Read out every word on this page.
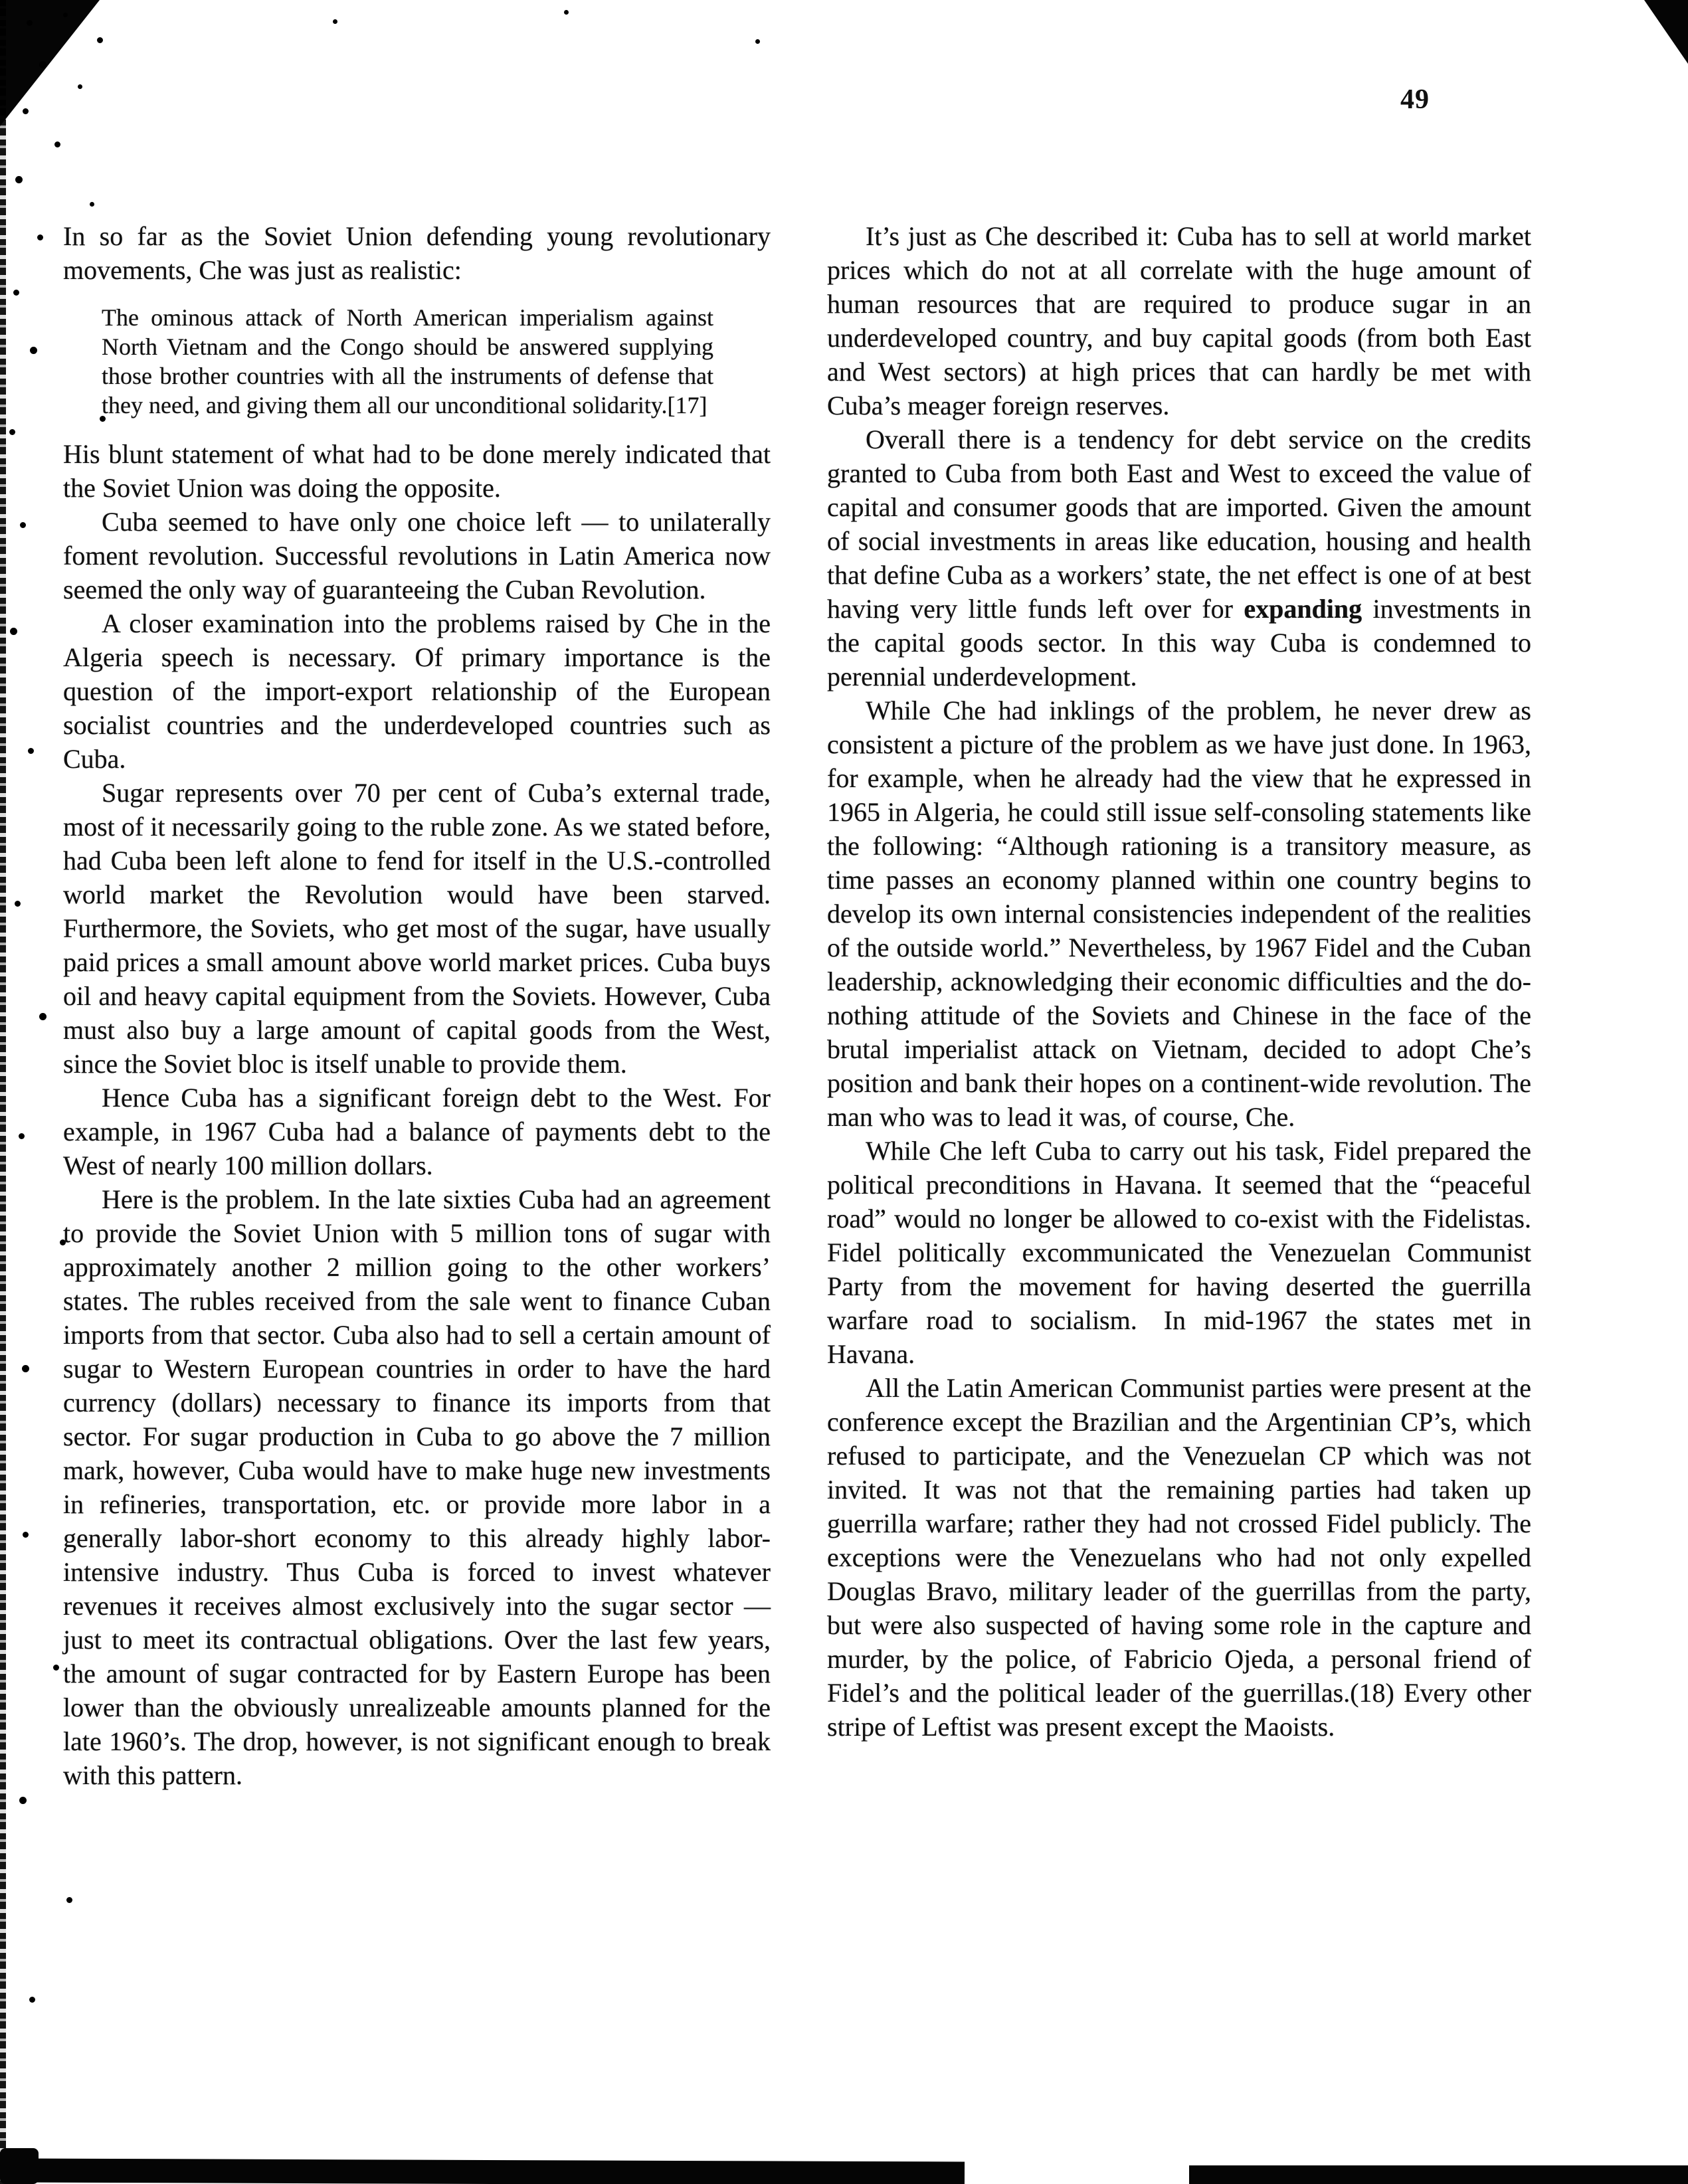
49

In so far as the Soviet Union defending young revolutionary movements, Che was just as realistic:

The ominous attack of North American imperialism against North Vietnam and the Congo should be answered supplying those brother countries with all the instruments of defense that they need, and giving them all our unconditional solidarity.[17]

His blunt statement of what had to be done merely indicated that the Soviet Union was doing the opposite.

Cuba seemed to have only one choice left — to unilaterally foment revolution. Successful revolutions in Latin America now seemed the only way of guaranteeing the Cuban Revolution.

A closer examination into the problems raised by Che in the Algeria speech is necessary. Of primary importance is the question of the import-export relationship of the European socialist countries and the underdeveloped countries such as Cuba.

Sugar represents over 70 per cent of Cuba’s external trade, most of it necessarily going to the ruble zone. As we stated before, had Cuba been left alone to fend for itself in the U.S.-controlled world market the Revolution would have been starved. Furthermore, the Soviets, who get most of the sugar, have usually paid prices a small amount above world market prices. Cuba buys oil and heavy capital equipment from the Soviets. However, Cuba must also buy a large amount of capital goods from the West, since the Soviet bloc is itself unable to provide them.

Hence Cuba has a significant foreign debt to the West. For example, in 1967 Cuba had a balance of payments debt to the West of nearly 100 million dollars.

Here is the problem. In the late sixties Cuba had an agreement to provide the Soviet Union with 5 million tons of sugar with approximately another 2 million going to the other workers’ states. The rubles received from the sale went to finance Cuban imports from that sector. Cuba also had to sell a certain amount of sugar to Western European countries in order to have the hard currency (dollars) necessary to finance its imports from that sector. For sugar production in Cuba to go above the 7 million mark, however, Cuba would have to make huge new investments in refineries, transportation, etc. or provide more labor in a generally labor-short economy to this already highly labor-intensive industry. Thus Cuba is forced to invest whatever revenues it receives almost exclusively into the sugar sector — just to meet its contractual obligations. Over the last few years, the amount of sugar contracted for by Eastern Europe has been lower than the obviously unrealizeable amounts planned for the late 1960’s. The drop, however, is not significant enough to break with this pattern.

It’s just as Che described it: Cuba has to sell at world market prices which do not at all correlate with the huge amount of human resources that are required to produce sugar in an underdeveloped country, and buy capital goods (from both East and West sectors) at high prices that can hardly be met with Cuba’s meager foreign reserves.

Overall there is a tendency for debt service on the credits granted to Cuba from both East and West to exceed the value of capital and consumer goods that are imported. Given the amount of social investments in areas like education, housing and health that define Cuba as a workers’ state, the net effect is one of at best having very little funds left over for expanding investments in the capital goods sector. In this way Cuba is condemned to perennial underdevelopment.

While Che had inklings of the problem, he never drew as consistent a picture of the problem as we have just done. In 1963, for example, when he already had the view that he expressed in 1965 in Algeria, he could still issue self-consoling statements like the following: “Although rationing is a transitory measure, as time passes an economy planned within one country begins to develop its own internal consistencies independent of the realities of the outside world.” Nevertheless, by 1967 Fidel and the Cuban leadership, acknowledging their economic difficulties and the do-nothing attitude of the Soviets and Chinese in the face of the brutal imperialist attack on Vietnam, decided to adopt Che’s position and bank their hopes on a continent-wide revolution. The man who was to lead it was, of course, Che.

While Che left Cuba to carry out his task, Fidel prepared the political preconditions in Havana. It seemed that the “peaceful road” would no longer be allowed to co-exist with the Fidelistas. Fidel politically excommunicated the Venezuelan Communist Party from the movement for having deserted the guerrilla warfare road to socialism. In mid-1967 the states met in Havana.

All the Latin American Communist parties were present at the conference except the Brazilian and the Argentinian CP’s, which refused to participate, and the Venezuelan CP which was not invited. It was not that the remaining parties had taken up guerrilla warfare; rather they had not crossed Fidel publicly. The exceptions were the Venezuelans who had not only expelled Douglas Bravo, military leader of the guerrillas from the party, but were also suspected of having some role in the capture and murder, by the police, of Fabricio Ojeda, a personal friend of Fidel’s and the political leader of the guerrillas.(18) Every other stripe of Leftist was present except the Maoists.
